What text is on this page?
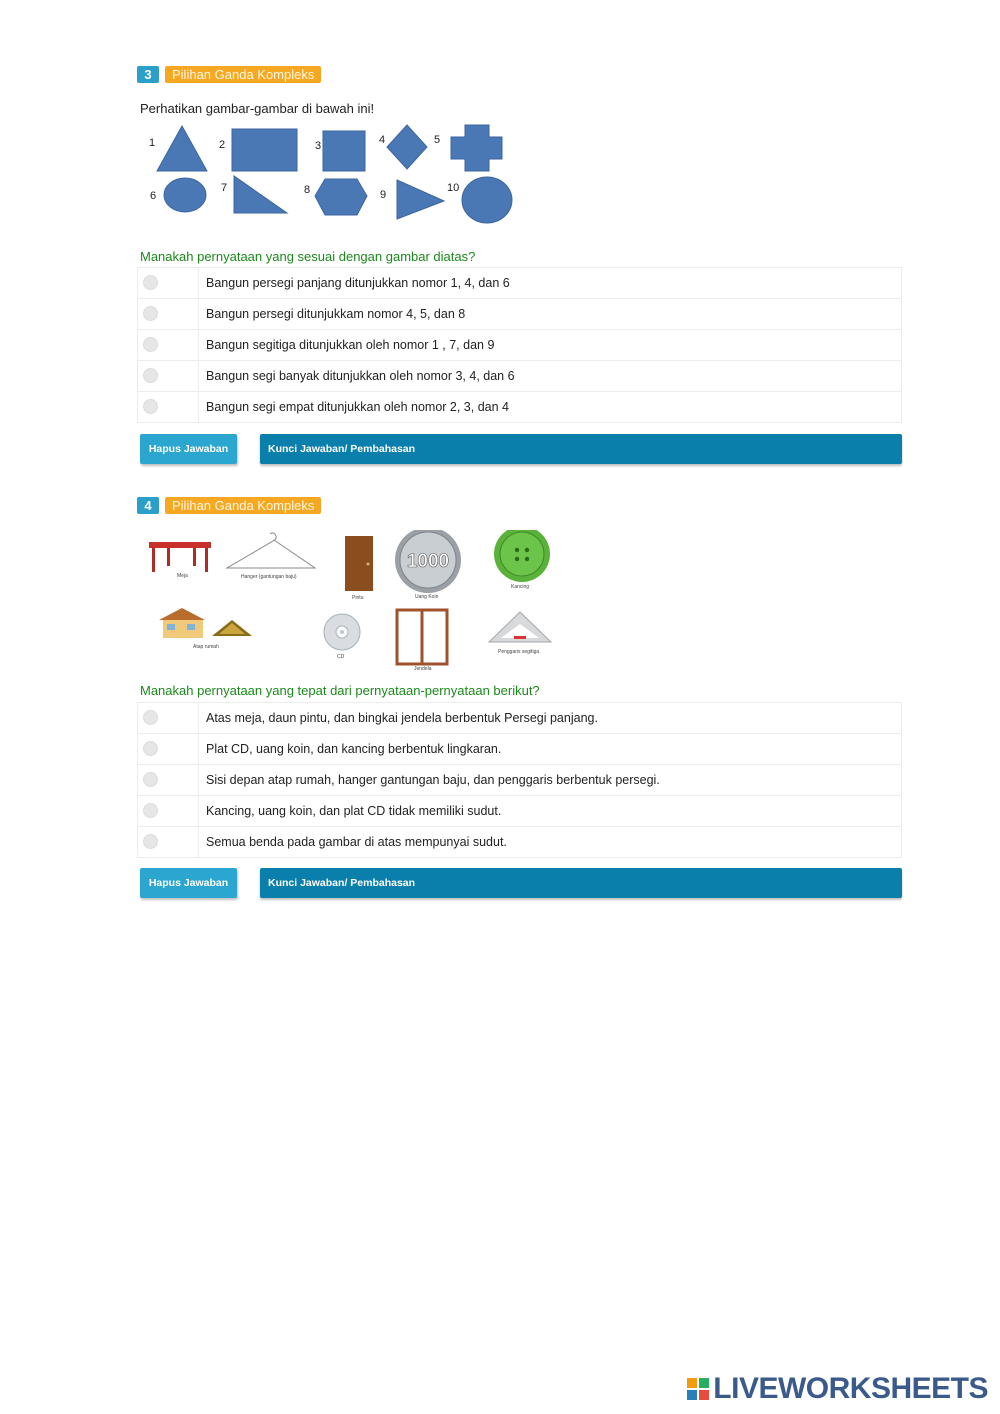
3	Pilihan Ganda Kompleks
Perhatikan gambar-gambar di bawah ini!
1	2	3	4	5
6
7	8	9
10
Manakah pernyataan yang sesuai dengan gambar diatas?
Bangun persegi panjang ditunjukkan nomor 1, 4, dan 6
Bangun persegi ditunjukkam nomor 4, 5, dan 8
Bangun segitiga ditunjukkan oleh nomor 1 , 7, dan 9
Bangun segi banyak ditunjukkan oleh nomor 3, 4, dan 6
Bangun segi empat ditunjukkan oleh nomor 2, 3, dan 4
Hapus Jawaban	Kunci Jawaban/ Pembahasan
4	Pilihan Ganda Kompleks
Meja	Hanger (gantungan baju)
Pintu
1000
Uang Koin
Kancing
Atap rumah
CD
Jendela
Penggaris segitiga
Manakah pernyataan yang tepat dari pernyataan-pernyataan berikut?
Atas meja, daun pintu, dan bingkai jendela berbentuk Persegi panjang.
Plat CD, uang koin, dan kancing berbentuk lingkaran.
Sisi depan atap rumah, hanger gantungan baju, dan penggaris berbentuk persegi.
Kancing, uang koin, dan plat CD tidak memiliki sudut.
Semua benda pada gambar di atas mempunyai sudut.
Hapus Jawaban	Kunci Jawaban/ Pembahasan
LIVEWORKSHEETS
